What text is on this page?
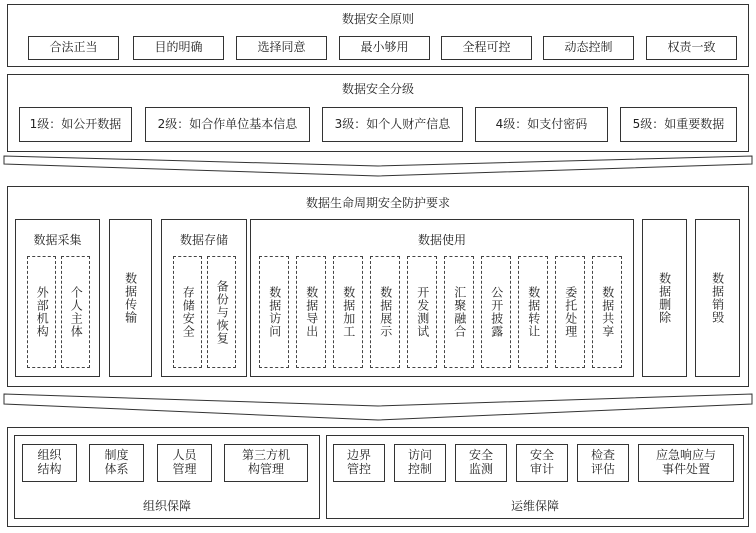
数据安全原则
合法正当	目的明确	选择同意	最小够用	全程可控	动态控制	权责一致
数据安全分级
1级：如公开数据	2级：如合作单位基本信息	3级：如个人财产信息	4级：如支付密码	5级：如重要数据
数据生命周期安全防护要求
数据采集
外部机构 个人主体	数据传输
数据存储
存储安全 备份与恢复
数据使用
数据访问 数据导出 数据加工 数据展示 开发测试 汇聚融合 公开披露 数据转让 委托处理 数据共享	数据删除	数据销毁
组织
结构
制度
体系
人员
管理
第三方机
构管理
组织保障
边界
管控
访问
控制
安全
监测
安全
审计
检查
评估
应急响应与
事件处置
运维保障
